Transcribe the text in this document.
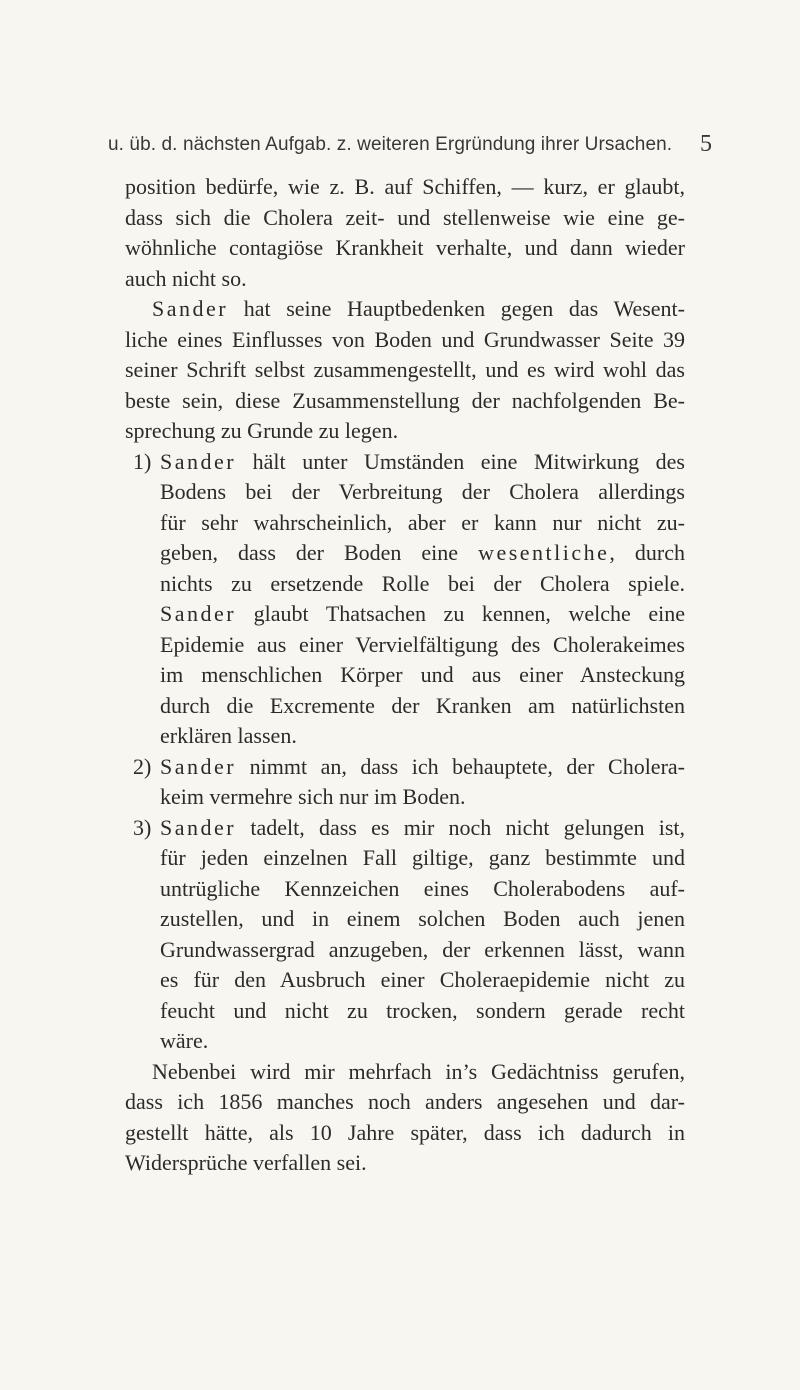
u. üb. d. nächsten Aufgab. z. weiteren Ergründung ihrer Ursachen.	5
position bedürfe, wie z. B. auf Schiffen, — kurz, er glaubt,
dass sich die Cholera zeit- und stellenweise wie eine ge-
wöhnliche contagiöse Krankheit verhalte, und dann wieder
auch nicht so.
Sander hat seine Hauptbedenken gegen das Wesent-
liche eines Einflusses von Boden und Grundwasser Seite 39
seiner Schrift selbst zusammengestellt, und es wird wohl das
beste sein, diese Zusammenstellung der nachfolgenden Be-
sprechung zu Grunde zu legen.
1) Sander hält unter Umständen eine Mitwirkung des
Bodens bei der Verbreitung der Cholera allerdings
für sehr wahrscheinlich, aber er kann nur nicht zu-
geben, dass der Boden eine wesentliche, durch
nichts zu ersetzende Rolle bei der Cholera spiele.
Sander glaubt Thatsachen zu kennen, welche eine
Epidemie aus einer Vervielfältigung des Cholerakeimes
im menschlichen Körper und aus einer Ansteckung
durch die Excremente der Kranken am natürlichsten
erklären lassen.
2) Sander nimmt an, dass ich behauptete, der Cholera-
keim vermehre sich nur im Boden.
3) Sander tadelt, dass es mir noch nicht gelungen ist,
für jeden einzelnen Fall giltige, ganz bestimmte und
untrügliche Kennzeichen eines Cholerabodens auf-
zustellen, und in einem solchen Boden auch jenen
Grundwassergrad anzugeben, der erkennen lässt, wann
es für den Ausbruch einer Choleraepidemie nicht zu
feucht und nicht zu trocken, sondern gerade recht
wäre.
Nebenbei wird mir mehrfach in’s Gedächtniss gerufen,
dass ich 1856 manches noch anders angesehen und dar-
gestellt hätte, als 10 Jahre später, dass ich dadurch in
Widersprüche verfallen sei.
